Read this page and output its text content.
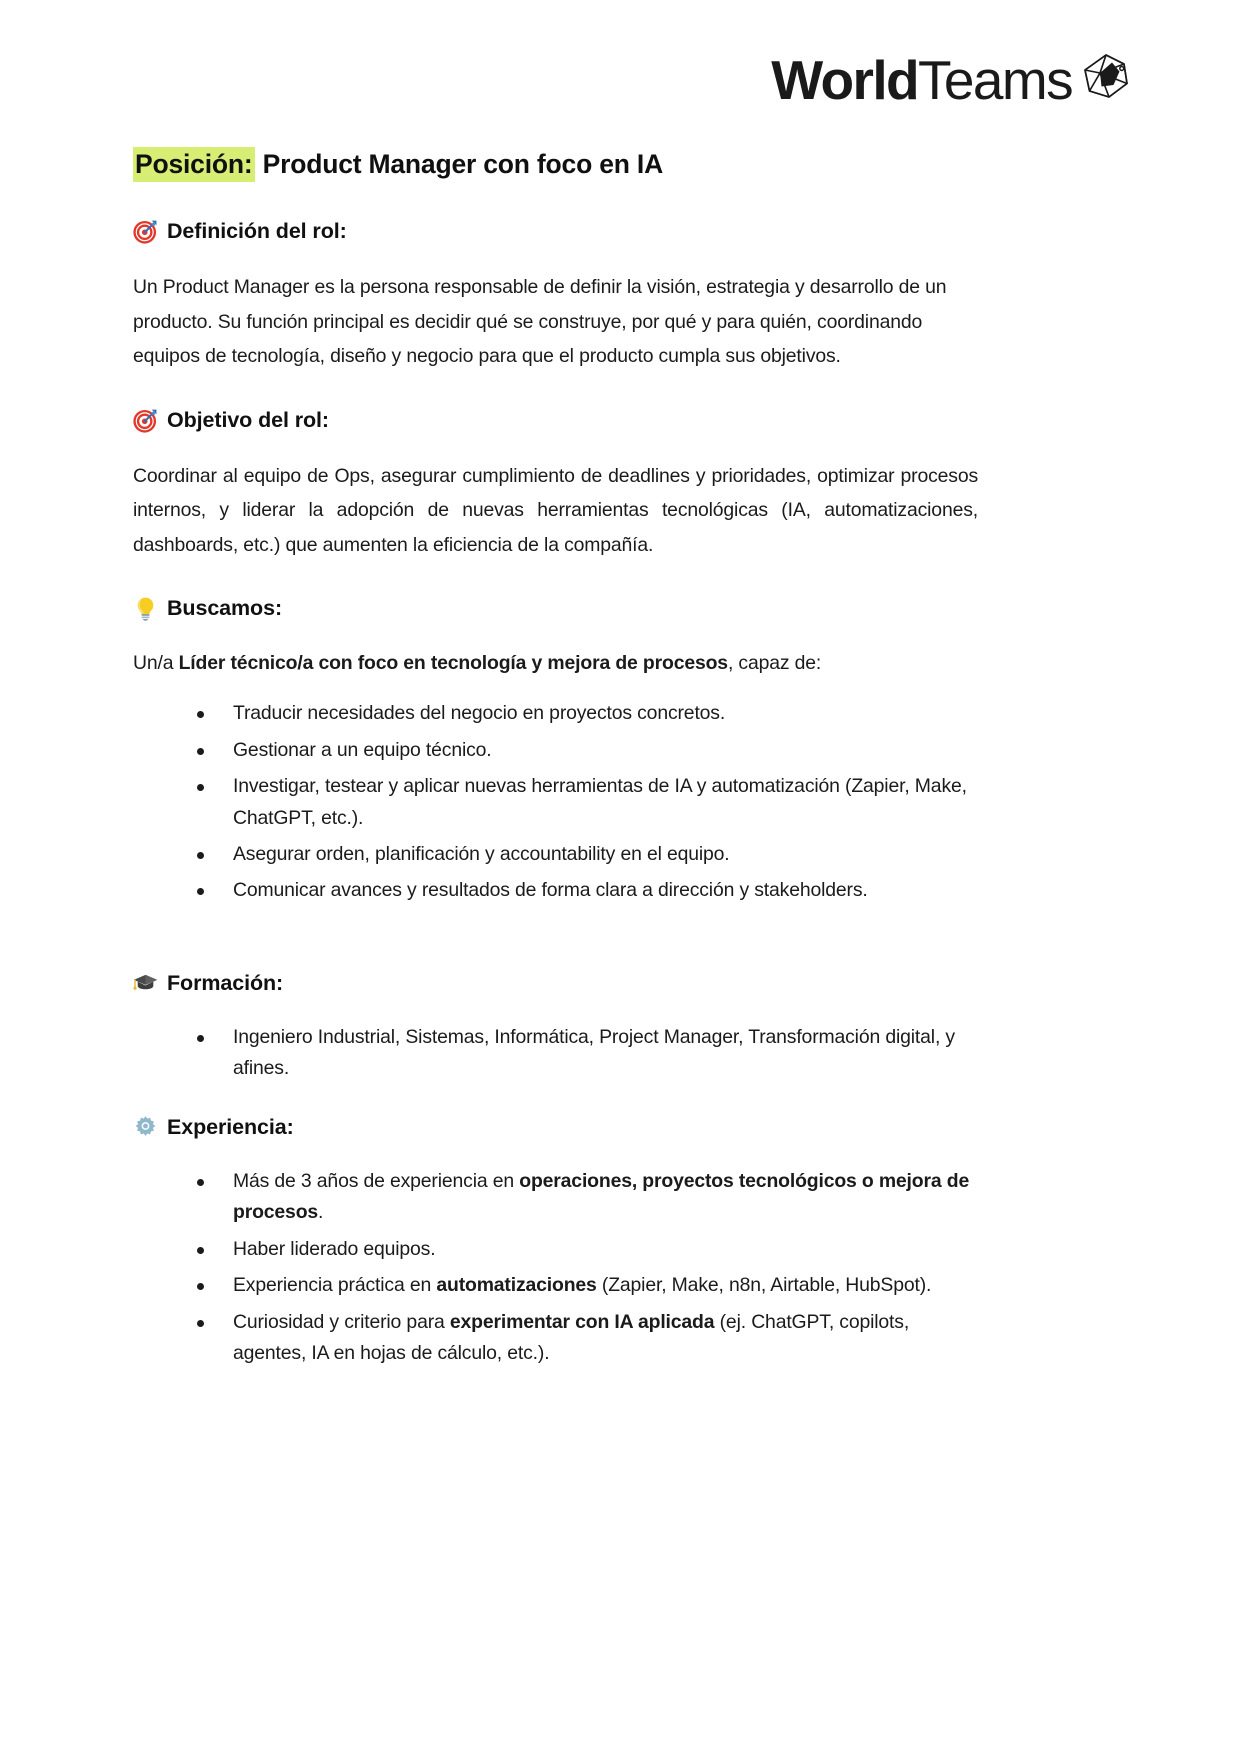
WorldTeams
Posición: Product Manager con foco en IA
Definición del rol:

Un Product Manager es la persona responsable de definir la visión, estrategia y desarrollo de un producto. Su función principal es decidir qué se construye, por qué y para quién, coordinando equipos de tecnología, diseño y negocio para que el producto cumpla sus objetivos.

Objetivo del rol:

Coordinar al equipo de Ops, asegurar cumplimiento de deadlines y prioridades, optimizar procesos internos, y liderar la adopción de nuevas herramientas tecnológicas (IA, automatizaciones, dashboards, etc.) que aumenten la eficiencia de la compañía.

Buscamos:

Un/a Líder técnico/a con foco en tecnología y mejora de procesos, capaz de:

Traducir necesidades del negocio en proyectos concretos.
Gestionar a un equipo técnico.
Investigar, testear y aplicar nuevas herramientas de IA y automatización (Zapier, Make, ChatGPT, etc.).
Asegurar orden, planificación y accountability en el equipo.
Comunicar avances y resultados de forma clara a dirección y stakeholders.
Formación:
Ingeniero Industrial, Sistemas, Informática, Project Manager, Transformación digital, y afines.
Experiencia:
Más de 3 años de experiencia en operaciones, proyectos tecnológicos o mejora de procesos.
Haber liderado equipos.
Experiencia práctica en automatizaciones (Zapier, Make, n8n, Airtable, HubSpot).
Curiosidad y criterio para experimentar con IA aplicada (ej. ChatGPT, copilots, agentes, IA en hojas de cálculo, etc.).
